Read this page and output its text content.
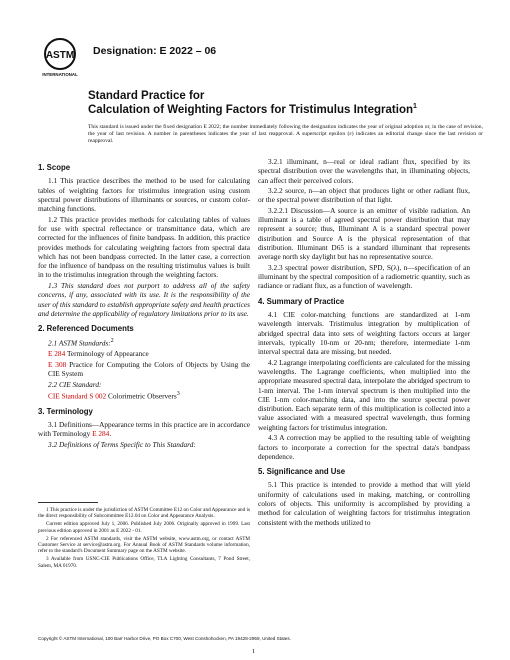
ASTM
INTERNATIONAL
Designation: E 2022 – 06
Standard Practice for
Calculation of Weighting Factors for Tristimulus Integration$^1$
This standard is issued under the fixed designation E 2022; the number immediately following the designation indicates the year of original adoption or, in the case of revision, the year of last revision. A number in parentheses indicates the year of last reapproval. A superscript epsilon (ε) indicates an editorial change since the last revision or reapproval.

1. Scope

1.1 This practice describes the method to be used for calculating tables of weighting factors for tristimulus integration using custom spectral power distributions of illuminants or sources, or custom color-matching functions.

1.2 This practice provides methods for calculating tables of values for use with spectral reflectance or transmittance data, which are corrected for the influences of finite bandpass. In addition, this practice provides methods for calculating weighting factors from spectral data which has not been bandpass corrected. In the latter case, a correction for the influence of bandpass on the resulting tristimulus values is built in to the tristimulus integration through the weighting factors.

1.3 This standard does not purport to address all of the safety concerns, if any, associated with its use. It is the responsibility of the user of this standard to establish appropriate safety and health practices and determine the applicability of regulatory limitations prior to its use.

2. Referenced Documents

2.1 ASTM Standards:$^2$

E 284 Terminology of Appearance

E 308 Practice for Computing the Colors of Objects by Using the CIE System

2.2 CIE Standard:

CIE Standard S 002 Colorimetric Observers$^3$

3. Terminology

3.1 Definitions—Appearance terms in this practice are in accordance with Terminology E 284.

3.2 Definitions of Terms Specific to This Standard:

1 This practice is under the jurisdiction of ASTM Committee E12 on Color and Appearance and is the direct responsibility of Subcommittee E12.04 on Color and Appearance Analysis.

Current edition approved July 1, 2006. Published July 2006. Originally approved in 1999. Last previous edition approved in 2001 as E 2022 - 01.

2 For referenced ASTM standards, visit the ASTM website, www.astm.org, or contact ASTM Customer Service at service@astm.org. For Annual Book of ASTM Standards volume information, refer to the standard's Document Summary page on the ASTM website.

3 Available from USNC-CIE Publications Office, TLA Lighting Consultants, 7 Pond Street, Salem, MA 01970.

3.2.1 illuminant, n—real or ideal radiant flux, specified by its spectral distribution over the wavelengths that, in illuminating objects, can affect their perceived colors.

3.2.2 source, n—an object that produces light or other radiant flux, or the spectral power distribution of that light.

3.2.2.1 Discussion—A source is an emitter of visible radiation. An illuminant is a table of agreed spectral power distribution that may represent a source; thus, Illuminant A is a standard spectral power distribution and Source A is the physical representation of that distribution. Illuminant D65 is a standard illuminant that represents average north sky daylight but has no representative source.

3.2.3 spectral power distribution, SPD, S(λ), n—specification of an illuminant by the spectral composition of a radiometric quantity, such as radiance or radiant flux, as a function of wavelength.

4. Summary of Practice

4.1 CIE color-matching functions are standardized at 1-nm wavelength intervals. Tristimulus integration by multiplication of abridged spectral data into sets of weighting factors occurs at larger intervals, typically 10-nm or 20-nm; therefore, intermediate 1-nm interval spectral data are missing, but needed.

4.2 Lagrange interpolating coefficients are calculated for the missing wavelengths. The Lagrange coefficients, when multiplied into the appropriate measured spectral data, interpolate the abridged spectrum to 1-nm interval. The 1-nm interval spectrum is then multiplied into the CIE 1-nm color-matching data, and into the source spectral power distribution. Each separate term of this multiplication is collected into a value associated with a measured spectral wavelength, thus forming weighting factors for tristimulus integration.

4.3 A correction may be applied to the resulting table of weighting factors to incorporate a correction for the spectral data's bandpass dependence.

5. Significance and Use

5.1 This practice is intended to provide a method that will yield uniformity of calculations used in making, matching, or controlling colors of objects. This uniformity is accomplished by providing a method for calculation of weighting factors for tristimulus integration consistent with the methods utilized to

Copyright © ASTM International, 100 Barr Harbor Drive, PO Box C700, West Conshohocken, PA 19428-2959, United States.
1
